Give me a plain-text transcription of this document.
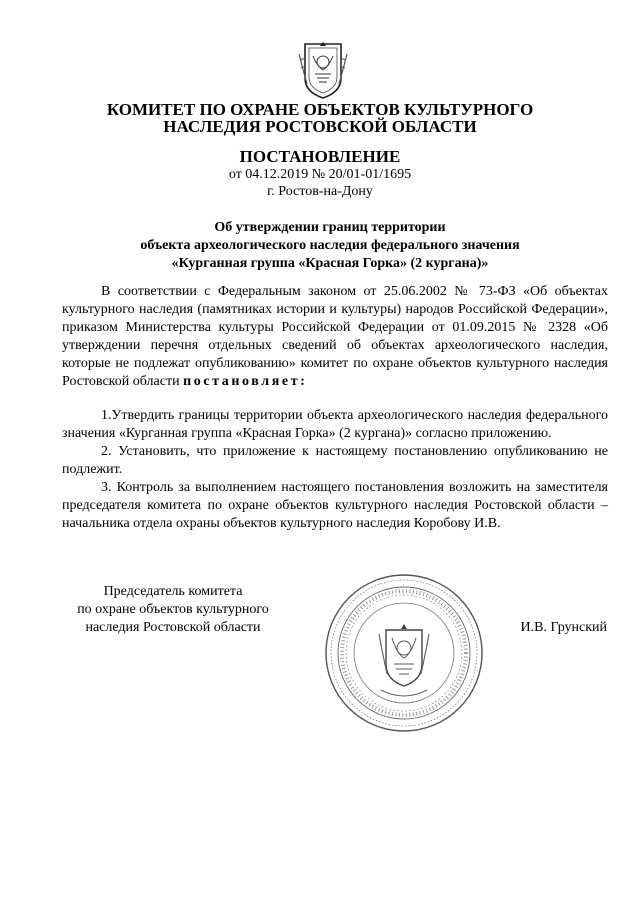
КОМИТЕТ ПО ОХРАНЕ ОБЪЕКТОВ КУЛЬТУРНОГО
НАСЛЕДИЯ РОСТОВСКОЙ ОБЛАСТИ
ПОСТАНОВЛЕНИЕ
от 04.12.2019 № 20/01-01/1695
г. Ростов-на-Дону
Об утверждении границ территории
объекта археологического наследия федерального значения
«Курганная группа «Красная Горка» (2 кургана)»

В соответствии с Федеральным законом от 25.06.2002 № 73-ФЗ «Об объектах культурного наследия (памятниках истории и культуры) народов Российской Федерации», приказом Министерства культуры Российской Федерации от 01.09.2015 № 2328 «Об утверждении перечня отдельных сведений об объектах археологического наследия, которые не подлежат опубликованию» комитет по охране объектов культурного наследия Ростовской области постановляет:

1.Утвердить границы территории объекта археологического наследия федерального значения «Курганная группа «Красная Горка» (2 кургана)» согласно приложению.

2. Установить, что приложение к настоящему постановлению опубликованию не подлежит.

3. Контроль за выполнением настоящего постановления возложить на заместителя председателя комитета по охране объектов культурного наследия Ростовской области – начальника отдела охраны объектов культурного наследия Коробову И.В.

Председатель комитета
по охране объектов культурного
наследия Ростовской области	И.В. Грунский
